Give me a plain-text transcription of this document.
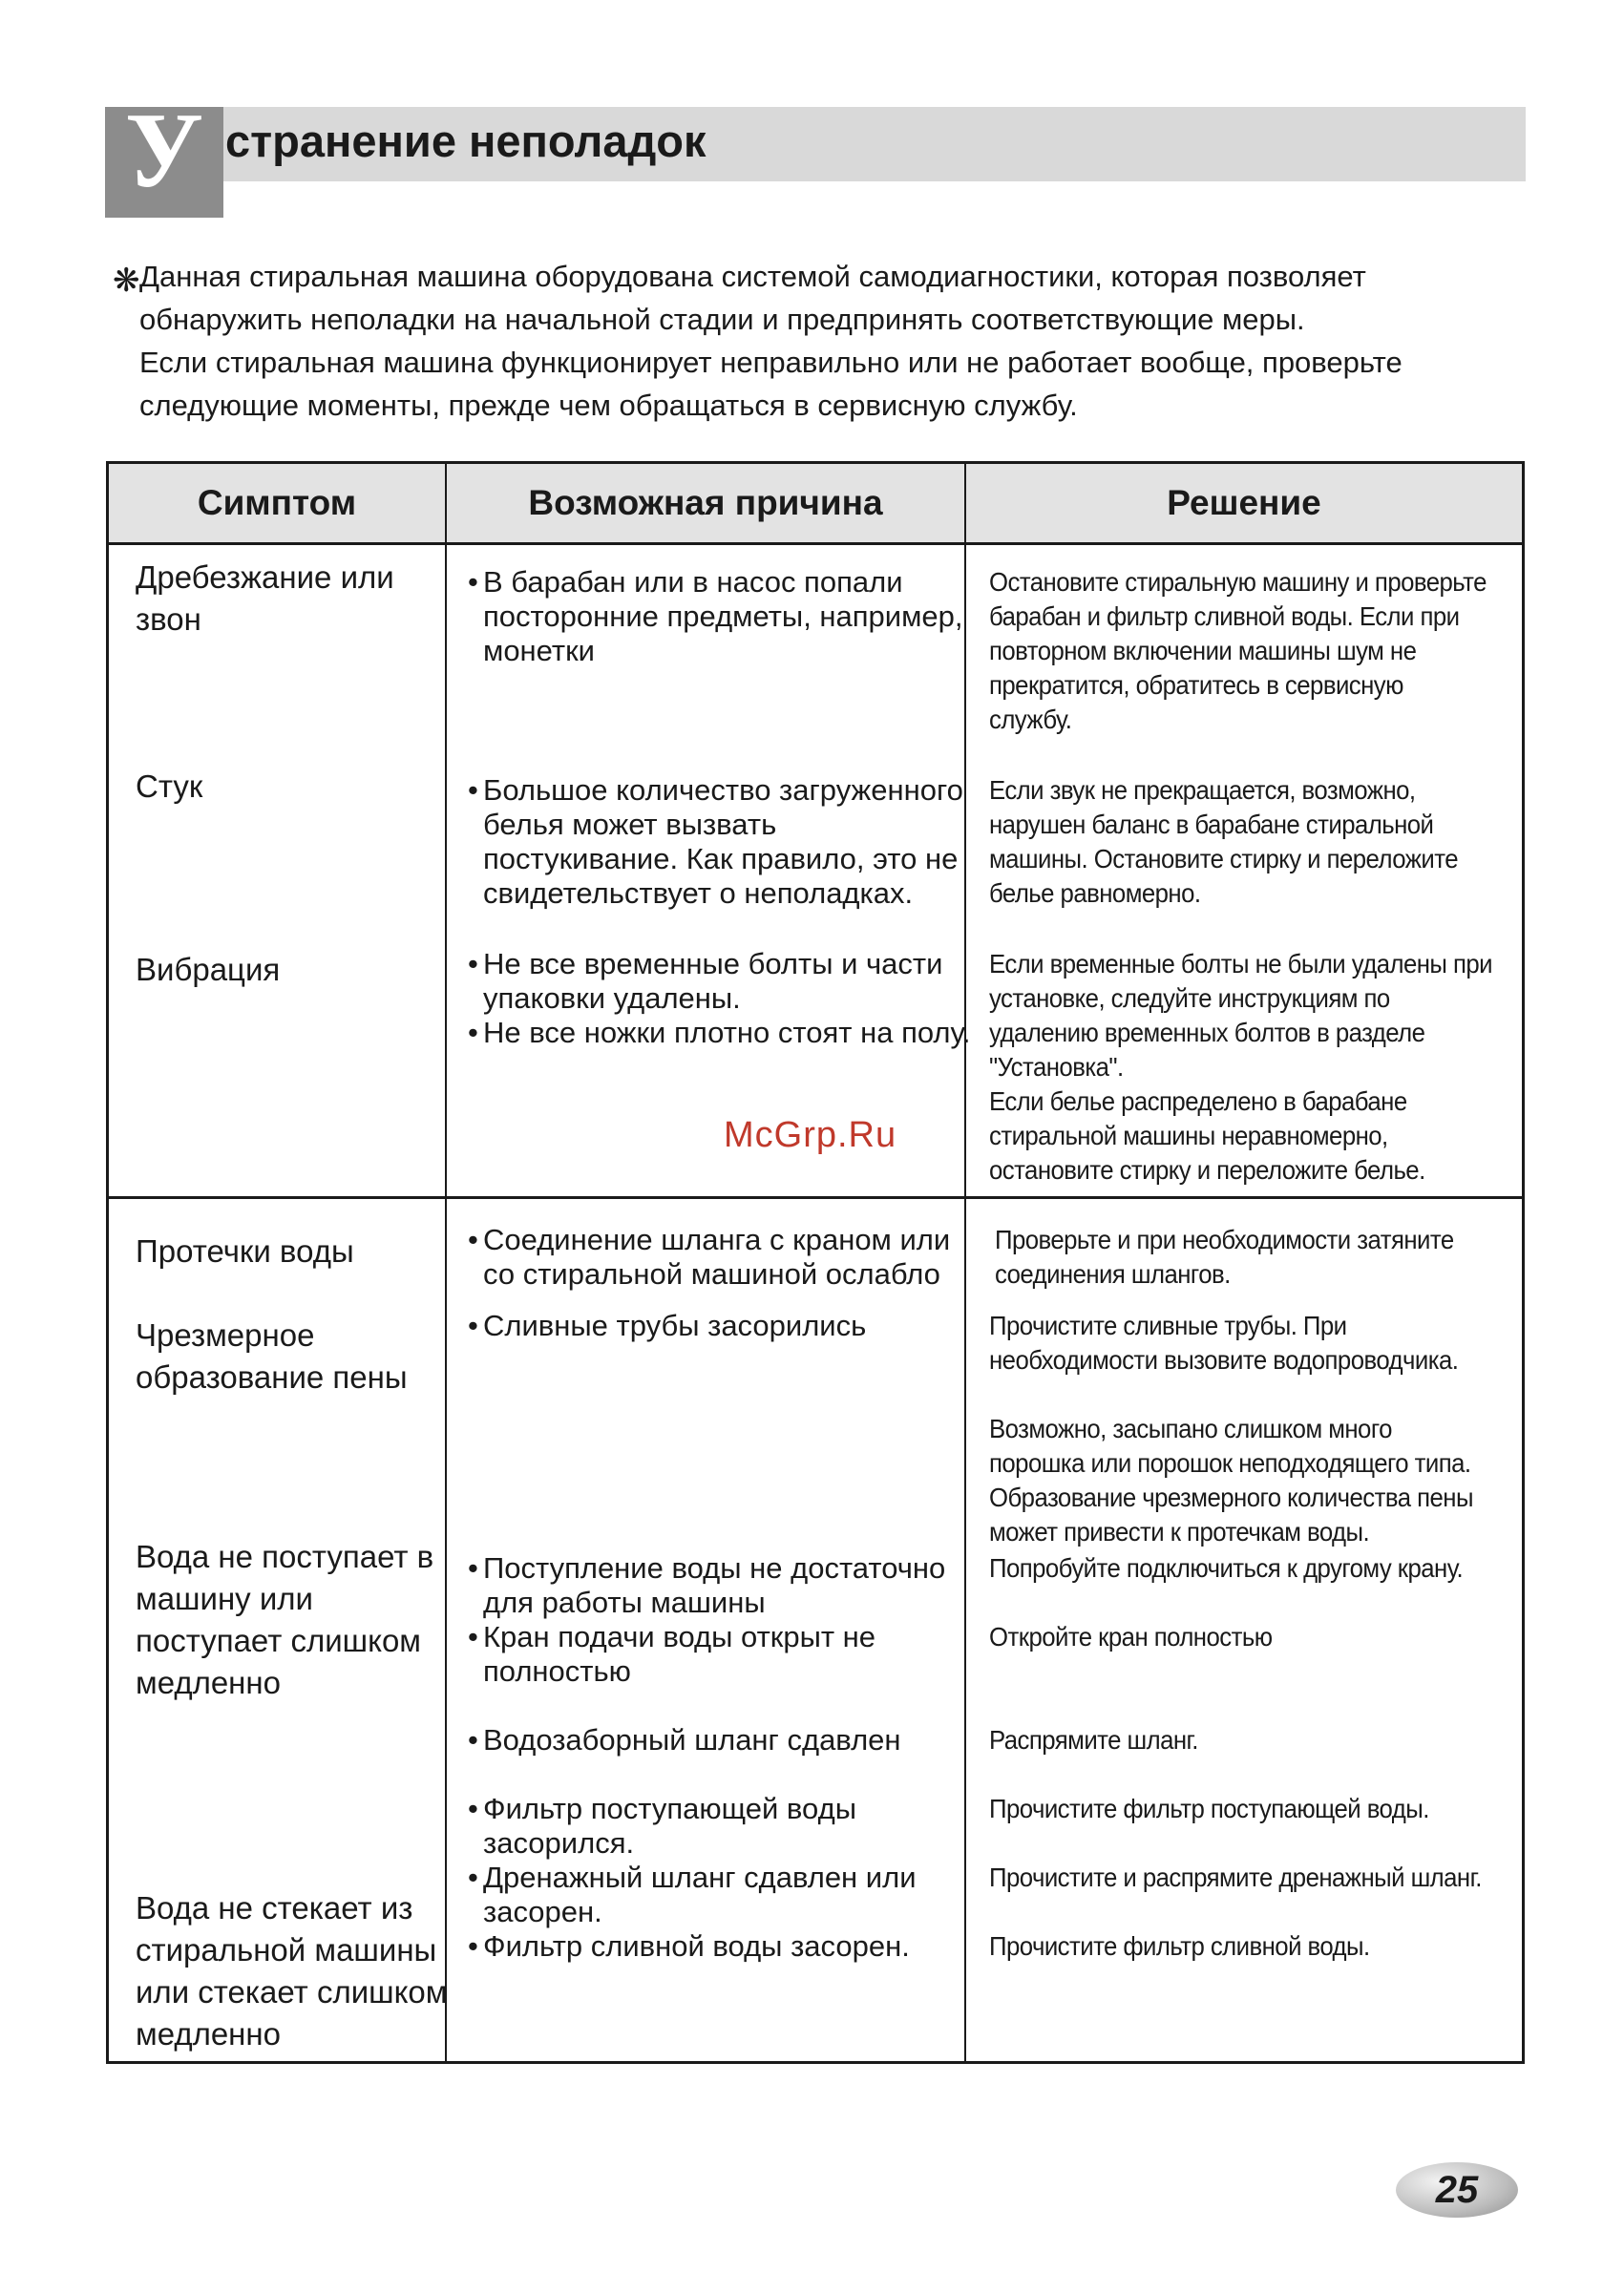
У странение неполадок
❋ Данная стиральная машина оборудована системой самодиагностики, которая позволяет
обнаружить неполадки на начальной стадии и предпринять соответствующие меры.
Если стиральная машина функционирует неправильно или не работает вообще, проверьте
следующие моменты, прежде чем обращаться в сервисную службу.
Симптом	Возможная причина	Решение
Дребезжание или
звон
Стук
Вибрация
Протечки воды
Чрезмерное
образование пены
Вода не поступает в
машину или
поступает слишком
медленно
Вода не стекает из
стиральной машины
или стекает слишком
медленно
• В барабан или в насос попали
посторонние предметы, например,
монетки
• Большое количество загруженного
белья может вызвать
постукивание. Как правило, это не
свидетельствует о неполадках.
• Не все временные болты и части
упаковки удалены.
• Не все ножки плотно стоят на полу.
• Соединение шланга с краном или
со стиральной машиной ослабло
• Сливные трубы засорились
• Поступление воды не достаточно
для работы машины
• Кран подачи воды открыт не
полностью
• Водозаборный шланг сдавлен
• Фильтр поступающей воды
засорился.
• Дренажный шланг сдавлен или
засорен.
• Фильтр сливной воды засорен.
Остановите стиральную машину и проверьте
барабан и фильтр сливной воды. Если при
повторном включении машины шум не
прекратится, обратитесь в сервисную
службу.
Если звук не прекращается, возможно,
нарушен баланс в барабане стиральной
машины. Остановите стирку и переложите
белье равномерно.
Если временные болты не были удалены при
установке, следуйте инструкциям по
удалению временных болтов в разделе
"Установка".
Если белье распределено в барабане
стиральной машины неравномерно,
остановите стирку и переложите белье.
Проверьте и при необходимости затяните
соединения шлангов.
Прочистите сливные трубы. При
необходимости вызовите водопроводчика.
Возможно, засыпано слишком много
порошка или порошок неподходящего типа.
Образование чрезмерного количества пены
может привести к протечкам воды.
Попробуйте подключиться к другому крану.
Откройте кран полностью
Распрямите шланг.
Прочистите фильтр поступающей воды.
Прочистите и распрямите дренажный шланг.
Прочистите фильтр сливной воды.
McGrp.Ru
25
